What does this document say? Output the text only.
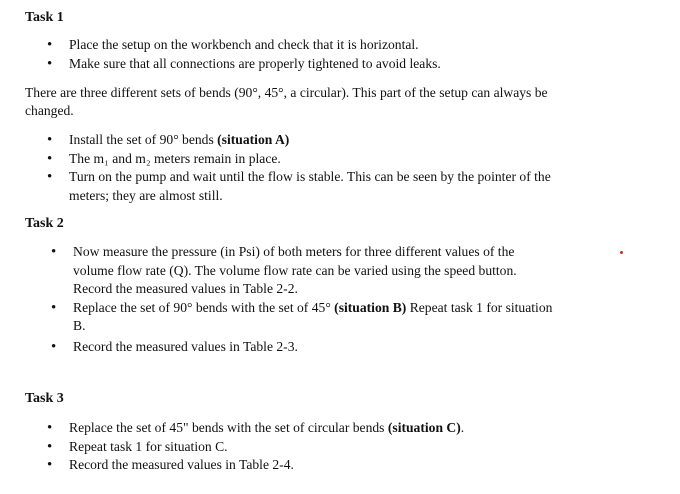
Task 1
• Place the setup on the workbench and check that it is horizontal.
• Make sure that all connections are properly tightened to avoid leaks.

There are three different sets of bends (90°, 45°, a circular). This part of the setup can always be

changed.

• Install the set of 90° bends (situation A)
• The m₁ and m₂ meters remain in place.
• Turn on the pump and wait until the flow is stable. This can be seen by the pointer of the
meters; they are almost still.
Task 2
• Now measure the pressure (in Psi) of both meters for three different values of the
volume flow rate (Q). The volume flow rate can be varied using the speed button.
Record the measured values in Table 2-2.
• Replace the set of 90° bends with the set of 45° (situation B) Repeat task 1 for situation
B.
• Record the measured values in Table 2-3.
Task 3
• Replace the set of 45" bends with the set of circular bends (situation C).
• Repeat task 1 for situation C.
• Record the measured values in Table 2-4.
